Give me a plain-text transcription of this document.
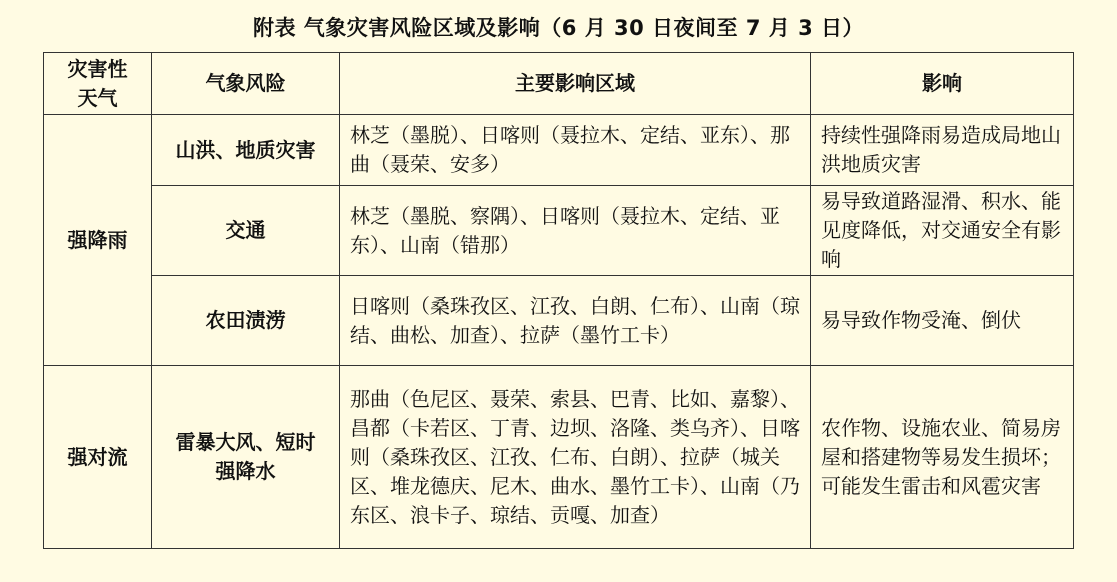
附表 气象灾害风险区域及影响（6 月 30 日夜间至 7 月 3 日）
灾害性天气	气象风险	主要影响区域	影响
强降雨	山洪、地质灾害	林芝（墨脱）、日喀则（聂拉木、定结、亚东）、那曲（聂荣、安多）	持续性强降雨易造成局地山洪地质灾害
	交通	林芝（墨脱、察隅）、日喀则（聂拉木、定结、亚东）、山南（错那）	易导致道路湿滑、积水、能见度降低，对交通安全有影响
	农田渍涝	日喀则（桑珠孜区、江孜、白朗、仁布）、山南（琼结、曲松、加查）、拉萨（墨竹工卡）	易导致作物受淹、倒伏
强对流	雷暴大风、短时强降水	那曲（色尼区、聂荣、索县、巴青、比如、嘉黎）、昌都（卡若区、丁青、边坝、洛隆、类乌齐）、日喀则（桑珠孜区、江孜、仁布、白朗）、拉萨（城关区、堆龙德庆、尼木、曲水、墨竹工卡）、山南（乃东区、浪卡子、琼结、贡嘎、加查）	农作物、设施农业、简易房屋和搭建物等易发生损坏；可能发生雷击和风雹灾害
